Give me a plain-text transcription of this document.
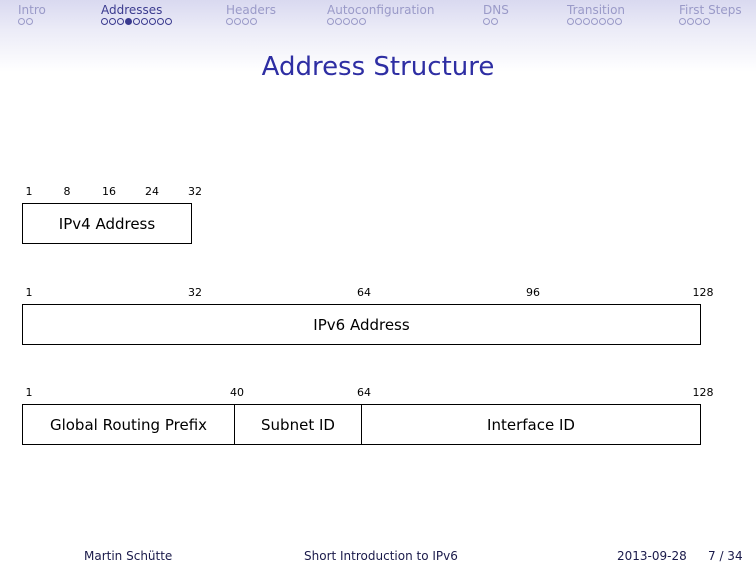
Intro	Addresses	Headers	Autoconfiguration	DNS	Transition	First Steps
Address Structure
1	8	16	24	32
IPv4 Address
1	32	64	96	128
IPv6 Address
1	40	64	128
Global Routing Prefix	Subnet ID	Interface ID
Martin Schütte	Short Introduction to IPv6	2013-09-28 7 / 34
